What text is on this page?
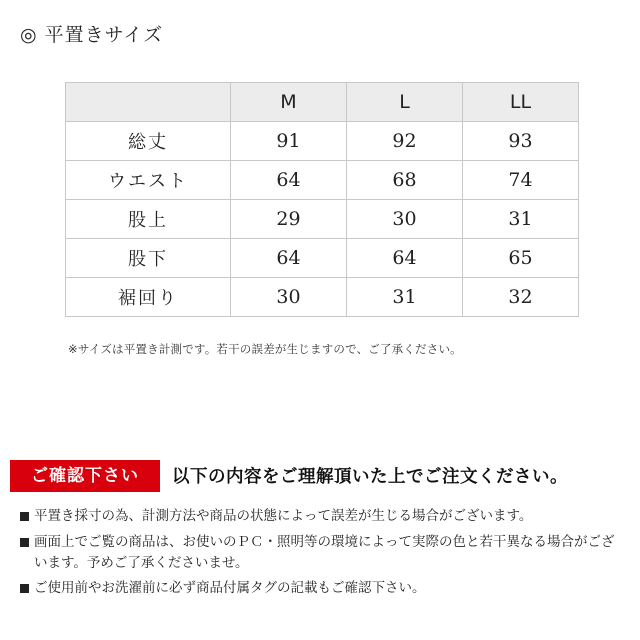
◎ 平置きサイズ
	M	L	LL
総丈	91	92	93
ウエスト	64	68	74
股上	29	30	31
股下	64	64	65
裾回り	30	31	32
※サイズは平置き計測です。若干の誤差が生じますので、ご了承ください。
ご確認下さい	以下の内容をご理解頂いた上でご注文ください。
平置き採寸の為、計測方法や商品の状態によって誤差が生じる場合がございます。
画面上でご覧の商品は、お使いのＰＣ・照明等の環境によって実際の色と若干異なる場合がございます。予めご了承くださいませ。
ご使用前やお洗濯前に必ず商品付属タグの記載もご確認下さい。
